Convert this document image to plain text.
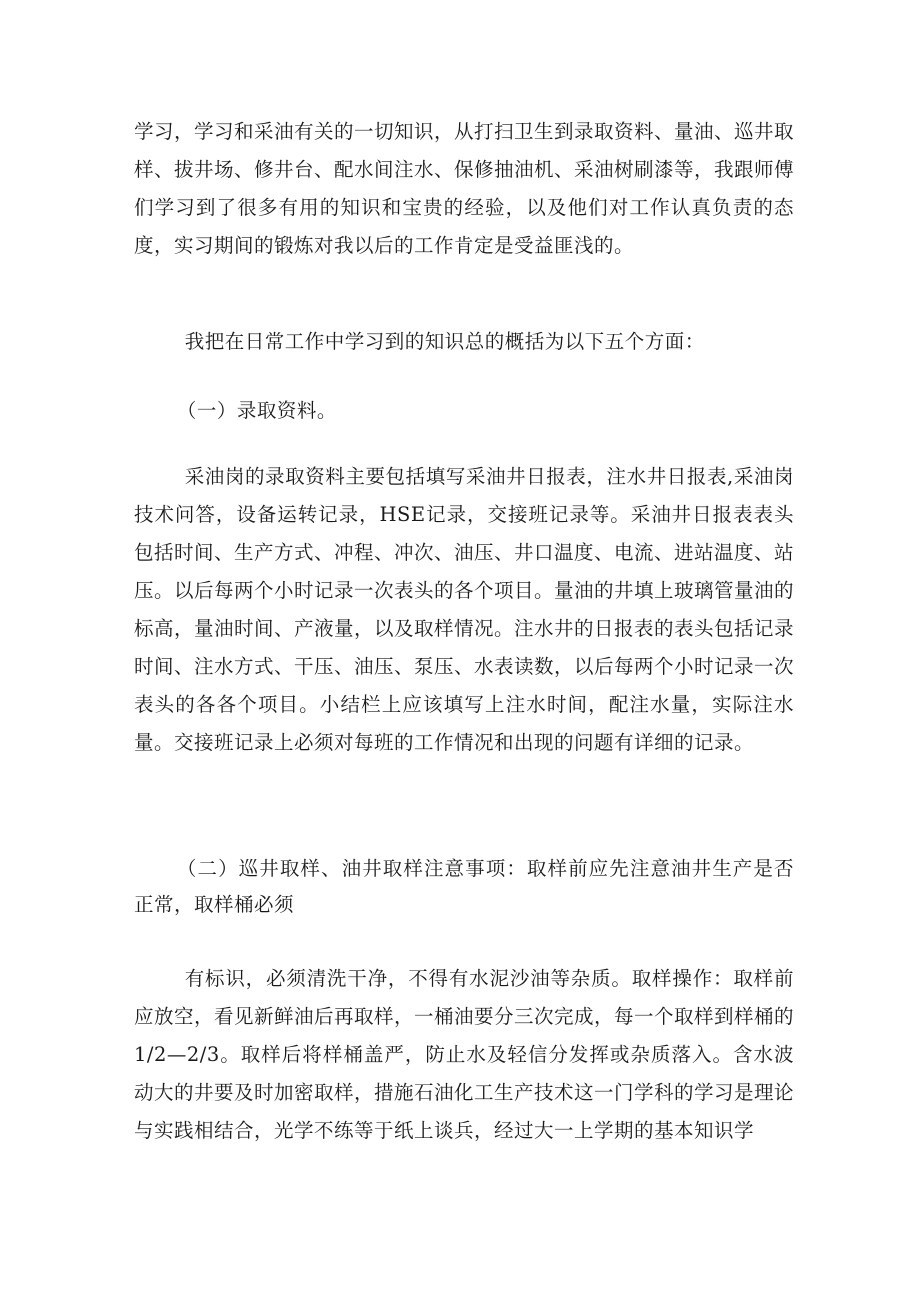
学习，学习和采油有关的一切知识，从打扫卫生到录取资料、量油、巡井取样、拔井场、修井台、配水间注水、保修抽油机、采油树刷漆等，我跟师傅们学习到了很多有用的知识和宝贵的经验，以及他们对工作认真负责的态度，实习期间的锻炼对我以后的工作肯定是受益匪浅的。

我把在日常工作中学习到的知识总的概括为以下五个方面：

（一）录取资料。

采油岗的录取资料主要包括填写采油井日报表，注水井日报表,采油岗技术问答，设备运转记录，HSE记录，交接班记录等。采油井日报表表头包括时间、生产方式、冲程、冲次、油压、井口温度、电流、进站温度、站压。以后每两个小时记录一次表头的各个项目。量油的井填上玻璃管量油的标高，量油时间、产液量，以及取样情况。注水井的日报表的表头包括记录时间、注水方式、干压、油压、泵压、水表读数，以后每两个小时记录一次表头的各各个项目。小结栏上应该填写上注水时间，配注水量，实际注水量。交接班记录上必须对每班的工作情况和出现的问题有详细的记录。

（二）巡井取样、油井取样注意事项：取样前应先注意油井生产是否正常，取样桶必须

有标识，必须清洗干净，不得有水泥沙油等杂质。取样操作：取样前应放空，看见新鲜油后再取样，一桶油要分三次完成，每一个取样到样桶的1/2—2/3。取样后将样桶盖严，防止水及轻信分发挥或杂质落入。含水波动大的井要及时加密取样，措施石油化工生产技术这一门学科的学习是理论与实践相结合，光学不练等于纸上谈兵，经过大一上学期的基本知识学
